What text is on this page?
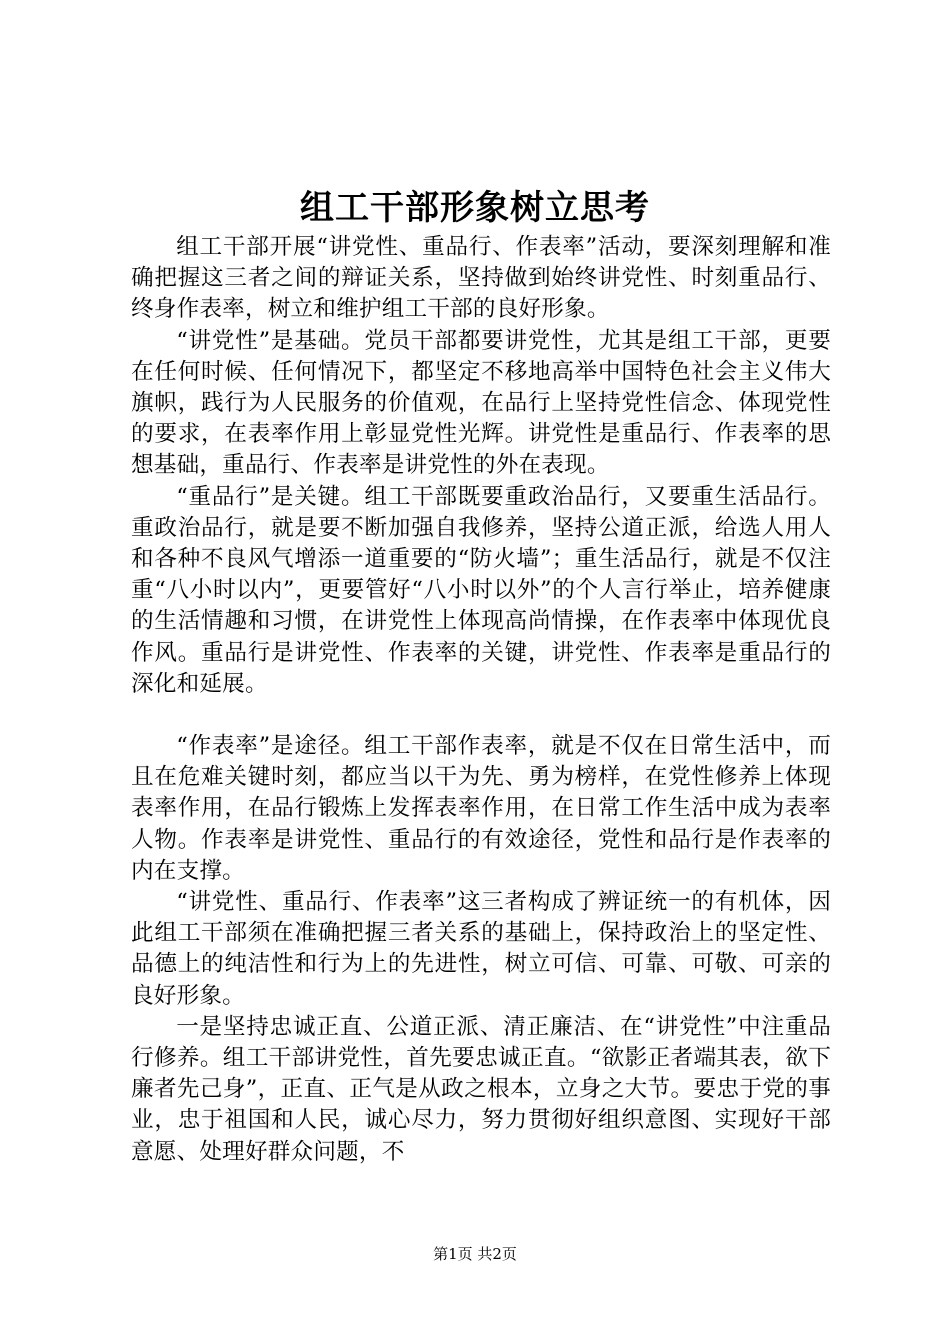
组工干部形象树立思考

组工干部开展“讲党性、重品行、作表率”活动，要深刻理解和准确把握这三者之间的辩证关系，坚持做到始终讲党性、时刻重品行、终身作表率，树立和维护组工干部的良好形象。

“讲党性”是基础。党员干部都要讲党性，尤其是组工干部，更要在任何时候、任何情况下，都坚定不移地高举中国特色社会主义伟大旗帜，践行为人民服务的价值观，在品行上坚持党性信念、体现党性的要求，在表率作用上彰显党性光辉。讲党性是重品行、作表率的思想基础，重品行、作表率是讲党性的外在表现。

“重品行”是关键。组工干部既要重政治品行，又要重生活品行。重政治品行，就是要不断加强自我修养，坚持公道正派，给选人用人和各种不良风气增添一道重要的“防火墙”；重生活品行，就是不仅注重“八小时以内”，更要管好“八小时以外”的个人言行举止，培养健康的生活情趣和习惯，在讲党性上体现高尚情操，在作表率中体现优良作风。重品行是讲党性、作表率的关键，讲党性、作表率是重品行的深化和延展。

“作表率”是途径。组工干部作表率，就是不仅在日常生活中，而且在危难关键时刻，都应当以干为先、勇为榜样，在党性修养上体现表率作用，在品行锻炼上发挥表率作用，在日常工作生活中成为表率人物。作表率是讲党性、重品行的有效途径，党性和品行是作表率的内在支撑。

“讲党性、重品行、作表率”这三者构成了辨证统一的有机体，因此组工干部须在准确把握三者关系的基础上，保持政治上的坚定性、品德上的纯洁性和行为上的先进性，树立可信、可靠、可敬、可亲的良好形象。

一是坚持忠诚正直、公道正派、清正廉洁、在“讲党性”中注重品行修养。组工干部讲党性，首先要忠诚正直。“欲影正者端其表，欲下廉者先己身”，正直、正气是从政之根本，立身之大节。要忠于党的事业，忠于祖国和人民，诚心尽力，努力贯彻好组织意图、实现好干部意愿、处理好群众问题，不

第1页 共2页
